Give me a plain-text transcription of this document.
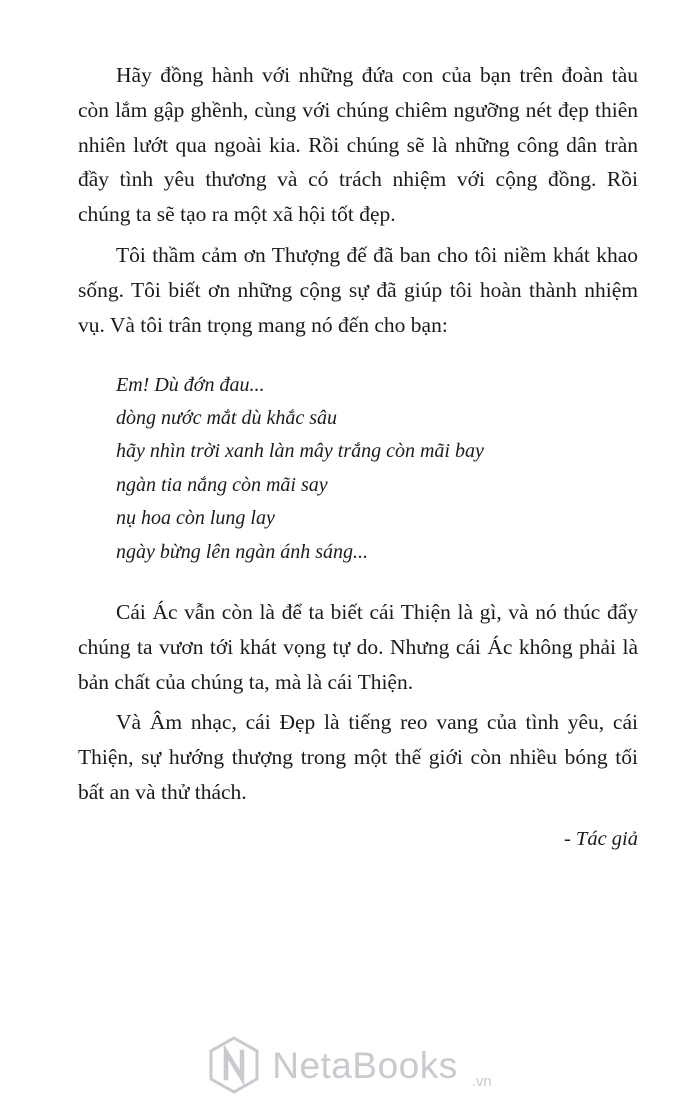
Hãy đồng hành với những đứa con của bạn trên đoàn tàu còn lắm gập ghềnh, cùng với chúng chiêm ngưỡng nét đẹp thiên nhiên lướt qua ngoài kia. Rồi chúng sẽ là những công dân tràn đầy tình yêu thương và có trách nhiệm với cộng đồng. Rồi chúng ta sẽ tạo ra một xã hội tốt đẹp.

Tôi thầm cảm ơn Thượng đế đã ban cho tôi niềm khát khao sống. Tôi biết ơn những cộng sự đã giúp tôi hoàn thành nhiệm vụ. Và tôi trân trọng mang nó đến cho bạn:

Em! Dù đớn đau...
dòng nước mắt dù khắc sâu
hãy nhìn trời xanh làn mây trắng còn mãi bay
ngàn tia nắng còn mãi say
nụ hoa còn lung lay
ngày bừng lên ngàn ánh sáng...

Cái Ác vẫn còn là để ta biết cái Thiện là gì, và nó thúc đẩy chúng ta vươn tới khát vọng tự do. Nhưng cái Ác không phải là bản chất của chúng ta, mà là cái Thiện.

Và Âm nhạc, cái Đẹp là tiếng reo vang của tình yêu, cái Thiện, sự hướng thượng trong một thế giới còn nhiều bóng tối bất an và thử thách.

- Tác giả
NetaBooks .vn
